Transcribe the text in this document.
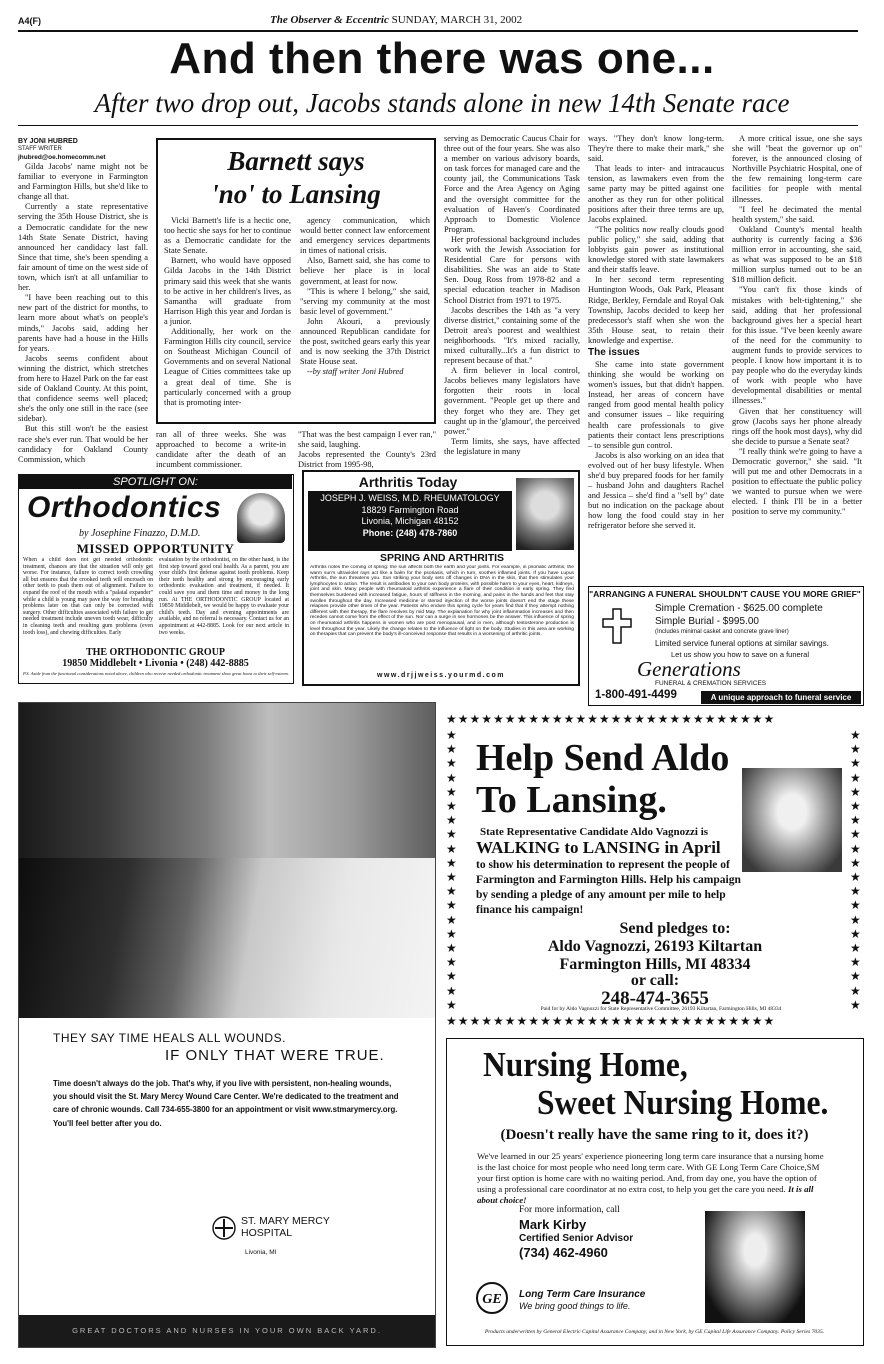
A4(F)	The Observer & Eccentric SUNDAY, MARCH 31, 2002
And then there was one...
After two drop out, Jacobs stands alone in new 14th Senate race

BY JONI HUBRED

STAFF WRITER

jhubred@oe.homecomm.net

Gilda Jacobs' name might not be familiar to everyone in Farmington and Farmington Hills, but she'd like to change all that.

Currently a state representative serving the 35th House District, she is a Democratic candidate for the new 14th State Senate District, having announced her candidacy last fall. Since that time, she's been spending a fair amount of time on the west side of town, which isn't at all unfamiliar to her.

"I have been reaching out to this new part of the district for months, to learn more about what's on people's minds," Jacobs said, adding her parents have had a house in the Hills for years.

Jacobs seems confident about winning the district, which stretches from here to Hazel Park on the far east side of Oakland County. At this point, that confidence seems well placed; she's the only one still in the race (see sidebar).

But this still won't be the easiest race she's ever run. That would be her candidacy for Oakland County Commission, which

Barnett says
'no' to Lansing

Vicki Barnett's life is a hectic one, too hectic she says for her to continue as a Democratic candidate for the State Senate.

Barnett, who would have opposed Gilda Jacobs in the 14th District primary said this week that she wants to be active in her children's lives, as Samantha will graduate from Harrison High this year and Jordan is a junior.

Additionally, her work on the Farmington Hills city council, service on Southeast Michigan Council of Governments and on several National League of Cities committees take up a great deal of time. She is particularly concerned with a group that is promoting inter-

agency communication, which would better connect law enforcement and emergency services departments in times of national crisis.

Also, Barnett said, she has come to believe her place is in local government, at least for now.

"This is where I belong," she said, "serving my community at the most basic level of government."

John Akouri, a previously announced Republican candidate for the post, switched gears early this year and is now seeking the 37th District State House seat.

--by staff writer Joni Hubred

ran all of three weeks. She was approached to become a write-in candidate after the death of an incumbent commissioner.

"That was the best campaign I ever ran," she said, laughing.
Jacobs represented the County's 23rd District from 1995-98,

serving as Democratic Caucus Chair for three out of the four years. She was also a member on various advisory boards, on task forces for managed care and the county jail, the Communications Task Force and the Area Agency on Aging and the oversight committee for the evaluation of Haven's Coordinated Approach to Domestic Violence Program.

Her professional background includes work with the Jewish Association for Residential Care for persons with disabilities. She was an aide to State Sen. Doug Ross from 1978-82 and a special education teacher in Madison School District from 1971 to 1975.

Jacobs describes the 14th as "a very diverse district," containing some of the Detroit area's poorest and wealthiest neighborhoods. "It's mixed racially, mixed culturally...It's a fun district to represent because of that."

A firm believer in local control, Jacobs believes many legislators have forgotten their roots in local government. "People get up there and they forget who they are. They get caught up in the 'glamour', the perceived power."

Term limits, she says, have affected the legislature in many

ways. "They don't know long-term. They're there to make their mark," she said.

That leads to inter- and intracaucus tension, as lawmakers even from the same party may be pitted against one another as they run for other political positions after their three terms are up, Jacobs explained.

"The politics now really clouds good public policy," she said, adding that lobbyists gain power as institutional knowledge stored with state lawmakers and their staffs leave.

In her second term representing Huntington Woods, Oak Park, Pleasant Ridge, Berkley, Ferndale and Royal Oak Township, Jacobs decided to keep her predecessor's staff when she won the 35th House seat, to retain their knowledge and expertise.

The issues

She came into state government thinking she would be working on women's issues, but that didn't happen. Instead, her areas of concern have ranged from good mental health policy and consumer issues – like requiring health care professionals to give patients their contact lens prescriptions – to sensible gun control.

Jacobs is also working on an idea that evolved out of her busy lifestyle. When she'd buy prepared foods for her family – husband John and daughters Rachel and Jessica – she'd find a "sell by" date but no indication on the package about how long the food could stay in her refrigerator before she served it.

A more critical issue, one she says she will "beat the governor up on" forever, is the announced closing of Northville Psychiatric Hospital, one of the few remaining long-term care facilities for people with mental illnesses.

"I feel he decimated the mental health system," she said.

Oakland County's mental health authority is currently facing a $36 million error in accounting, she said, as what was supposed to be an $18 million surplus turned out to be an $18 million deficit.

"You can't fix those kinds of mistakes with belt-tightening," she said, adding that her professional background gives her a special heart for this issue. "I've been keenly aware of the need for the community to augment funds to provide services to people. I know how important it is to pay people who do the everyday kinds of work with people who have developmental disabilities or mental illnesses."

Given that her constituency will grow (Jacobs says her phone already rings off the hook most days), why did she decide to pursue a Senate seat?

"I really think we're going to have a Democratic governor," she said. "It will put me and other Democrats in a position to effectuate the public policy we wanted to pursue when we were elected. I think I'll be in a better position to serve my community."

SPOTLIGHT ON:
Orthodontics
by Josephine Finazzo, D.M.D.
MISSED OPPORTUNITY
When a child does not get needed orthodontic treatment, chances are that the situation will only get worse. For instance, failure to correct tooth crowding all but ensures that the crooked teeth will encroach on other teeth to push them out of alignment. Failure to expand the roof of the mouth with a "palatal expander" while a child is young may pave the way for breathing problems later on that can only be corrected with surgery. Other difficulties associated with failure to get needed treatment include uneven tooth wear, difficulty in cleaning teeth and resulting gum problems (even tooth loss), and chewing difficulties. Early
evaluation by the orthodontist, on the other hand, is the first step toward good oral health. As a parent, you are your child's first defense against tooth problems. Keep their teeth healthy and strong by encouraging early orthodontic evaluation and treatment, if needed. It could save you and them time and money in the long run. At THE ORTHODONTIC GROUP located at 19850 Middlebelt, we would be happy to evaluate your child's teeth. Day and evening appointments are available, and no referral is necessary. Contact us for an appointment at 442-8885. Look for our next article in two weeks.
THE ORTHODONTIC GROUP
19850 Middlebelt • Livonia • (248) 442-8885
P.S. Aside from the functional considerations noted above, children who receive needed orthodontic treatment show great boost to their self-esteem.
Arthritis Today
JOSEPH J. WEISS, M.D. RHEUMATOLOGY
18829 Farmington Road
Livonia, Michigan 48152
Phone: (248) 478-7860
SPRING AND ARTHRITIS
Arthritis notes the coming of spring: the sun affects both the earth and your joints. For example, in psoriatic arthritis, the warm sun's ultraviolet rays act like a balm for the psoriasis, which in turn, soothes inflamed joints. If you have Lupus Arthritis, the sun threatens you. Sun striking your body sets off changes in DNA in the skin, that then stimulates your lymphocytes to action. The result is antibodies to your own body proteins, with possible harm to your eyes, heart, kidneys, joint and skin. Many people with rheumatoid arthritis experience a flare of their condition in early spring. They find themselves burdened with increased fatigue, hours of stiffness in the morning, and pains in the hands and feet that stay swollen throughout the day. Increased medicine or steroid injection of the worse joints doesn't end the stage these relapses provide other times of the year. Patients who endure this spring cycle for years find that if they attempt nothing different with their therapy, the flare resolves by mid May. The explanation for why joint inflammation increases and then recedes cannot come from the effect of the sun. Nor can a surge in sex hormones be the answer. This influence of spring on rheumatoid arthritis happens in women who are post menopausal, and in men, although testosterone production is level throughout the year. Likely the change relates to the influence of light on the body. Studies in this area are working on therapies that can prevent the body's ill-conceived response that results in a worsening of arthritic joints.
www.drjjweiss.yourmd.com
"ARRANGING A FUNERAL SHOULDN'T CAUSE YOU MORE GRIEF"
Simple Cremation - $625.00 complete
Simple Burial - $995.00
(Includes minimal casket and concrete grave liner)
Limited service funeral options at similar savings.
Let us show you how to save on a funeral
Generations
FUNERAL & CREMATION SERVICES
1-800-491-4499	A unique approach to funeral service
THEY SAY TIME HEALS ALL WOUNDS.
IF ONLY THAT WERE TRUE.
Time doesn't always do the job. That's why, if you live with persistent, non-healing wounds, you should visit the St. Mary Mercy Wound Care Center. We're dedicated to the treatment and care of chronic wounds. Call 734-655-3800 for an appointment or visit www.stmarymercy.org. You'll feel better after you do.
ST. MARY MERCY
HOSPITAL
Livonia, MI
GREAT DOCTORS AND NURSES IN YOUR OWN BACK YARD.
★★★★★★★★★★★★★★★★★★★★★★★★★★★★
★★★★★★★★★★★★★★★★★★★★★★★★★★★★
★ ★ ★ ★ ★ ★ ★ ★ ★ ★ ★ ★ ★ ★ ★ ★ ★ ★ ★ ★
★ ★ ★ ★ ★ ★ ★ ★ ★ ★ ★ ★ ★ ★ ★ ★ ★ ★ ★ ★
Help Send Aldo
To Lansing.
State Representative Candidate Aldo Vagnozzi is
WALKING to LANSING in April
to show his determination to represent the people of Farmington and Farmington Hills. Help his campaign by sending a pledge of any amount per mile to help finance his campaign!
Send pledges to:
Aldo Vagnozzi, 26193 Kiltartan
Farmington Hills, MI 48334
or call:
248-474-3655
Paid for by Aldo Vagnozzi for State Representative Committee, 26193 Kiltartan, Farmington Hills, MI 48334
Nursing Home,
Sweet Nursing Home.
(Doesn't really have the same ring to it, does it?)
We've learned in our 25 years' experience pioneering long term care insurance that a nursing home is the last choice for most people who need long term care. With GE Long Term Care Choice,SM your first option is home care with no waiting period. And, from day one, you have the option of using a professional care coordinator at no extra cost, to help you get the care you need. It is all about choice!
For more information, call
Mark Kirby
Certified Senior Advisor
(734) 462-4960
GE Long Term Care Insurance
We bring good things to life.
Products underwritten by General Electric Capital Assurance Company, and in New York, by GE Capital Life Assurance Company. Policy Series 7035.
